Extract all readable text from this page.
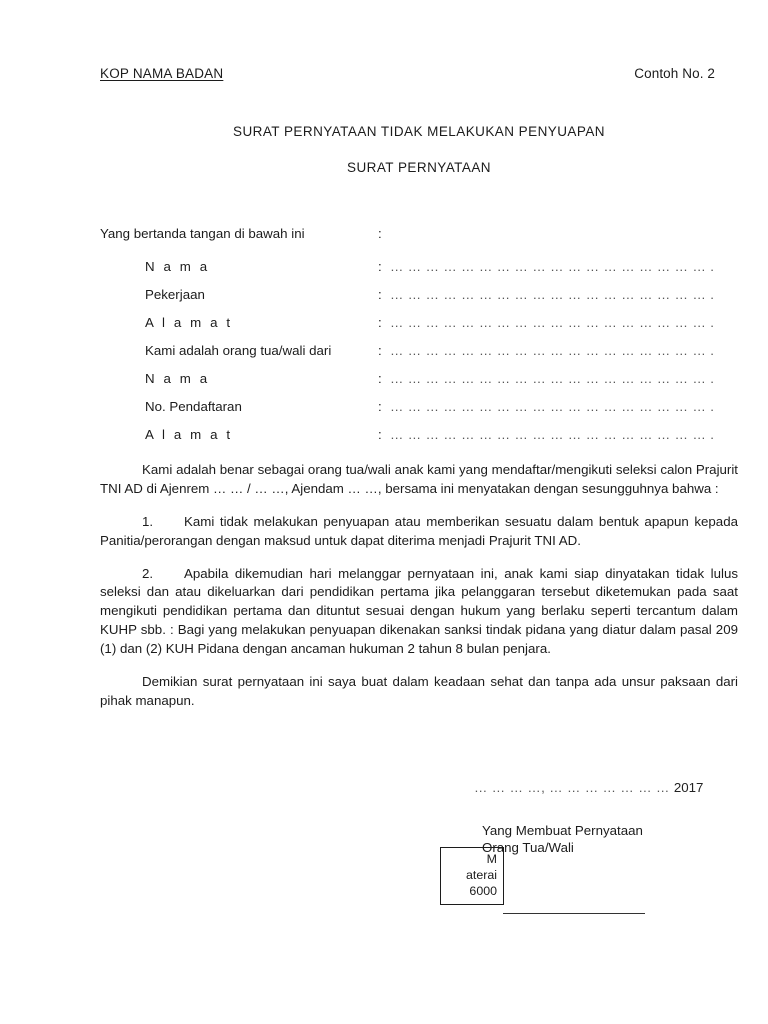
KOP NAMA BADAN	Contoh No. 2
SURAT PERNYATAAN TIDAK MELAKUKAN PENYUAPAN
SURAT PERNYATAAN
Yang bertanda tangan di bawah ini	:
N a m a	: … … … … … … … … … … … … … … … … … … .
Pekerjaan	: … … … … … … … … … … … … … … … … … … .
A l a m a t	: … … … … … … … … … … … … … … … … … … .
Kami adalah orang tua/wali dari	: … … … … … … … … … … … … … … … … … … .
N a m a	: … … … … … … … … … … … … … … … … … … .
No. Pendaftaran	: … … … … … … … … … … … … … … … … … … .
A l a m a t	: … … … … … … … … … … … … … … … … … … .

Kami adalah benar sebagai orang tua/wali anak kami yang mendaftar/mengikuti seleksi calon Prajurit TNI AD di Ajenrem … … / … …, Ajendam … …, bersama ini menyatakan dengan sesungguhnya bahwa :

1. Kami tidak melakukan penyuapan atau memberikan sesuatu dalam bentuk apapun kepada Panitia/perorangan dengan maksud untuk dapat diterima menjadi Prajurit TNI AD.

2. Apabila dikemudian hari melanggar pernyataan ini, anak kami siap dinyatakan tidak lulus seleksi dan atau dikeluarkan dari pendidikan pertama jika pelanggaran tersebut diketemukan pada saat mengikuti pendidikan pertama dan dituntut sesuai dengan hukum yang berlaku seperti tercantum dalam KUHP sbb. : Bagi yang melakukan penyuapan dikenakan sanksi tindak pidana yang diatur dalam pasal 209 (1) dan (2) KUH Pidana dengan ancaman hukuman 2 tahun 8 bulan penjara.

Demikian surat pernyataan ini saya buat dalam keadaan sehat dan tanpa ada unsur paksaan dari pihak manapun.

… … … …, … … … … … … … 2017
Yang Membuat Pernyataan
Orang Tua/Wali
M
aterai
6000
